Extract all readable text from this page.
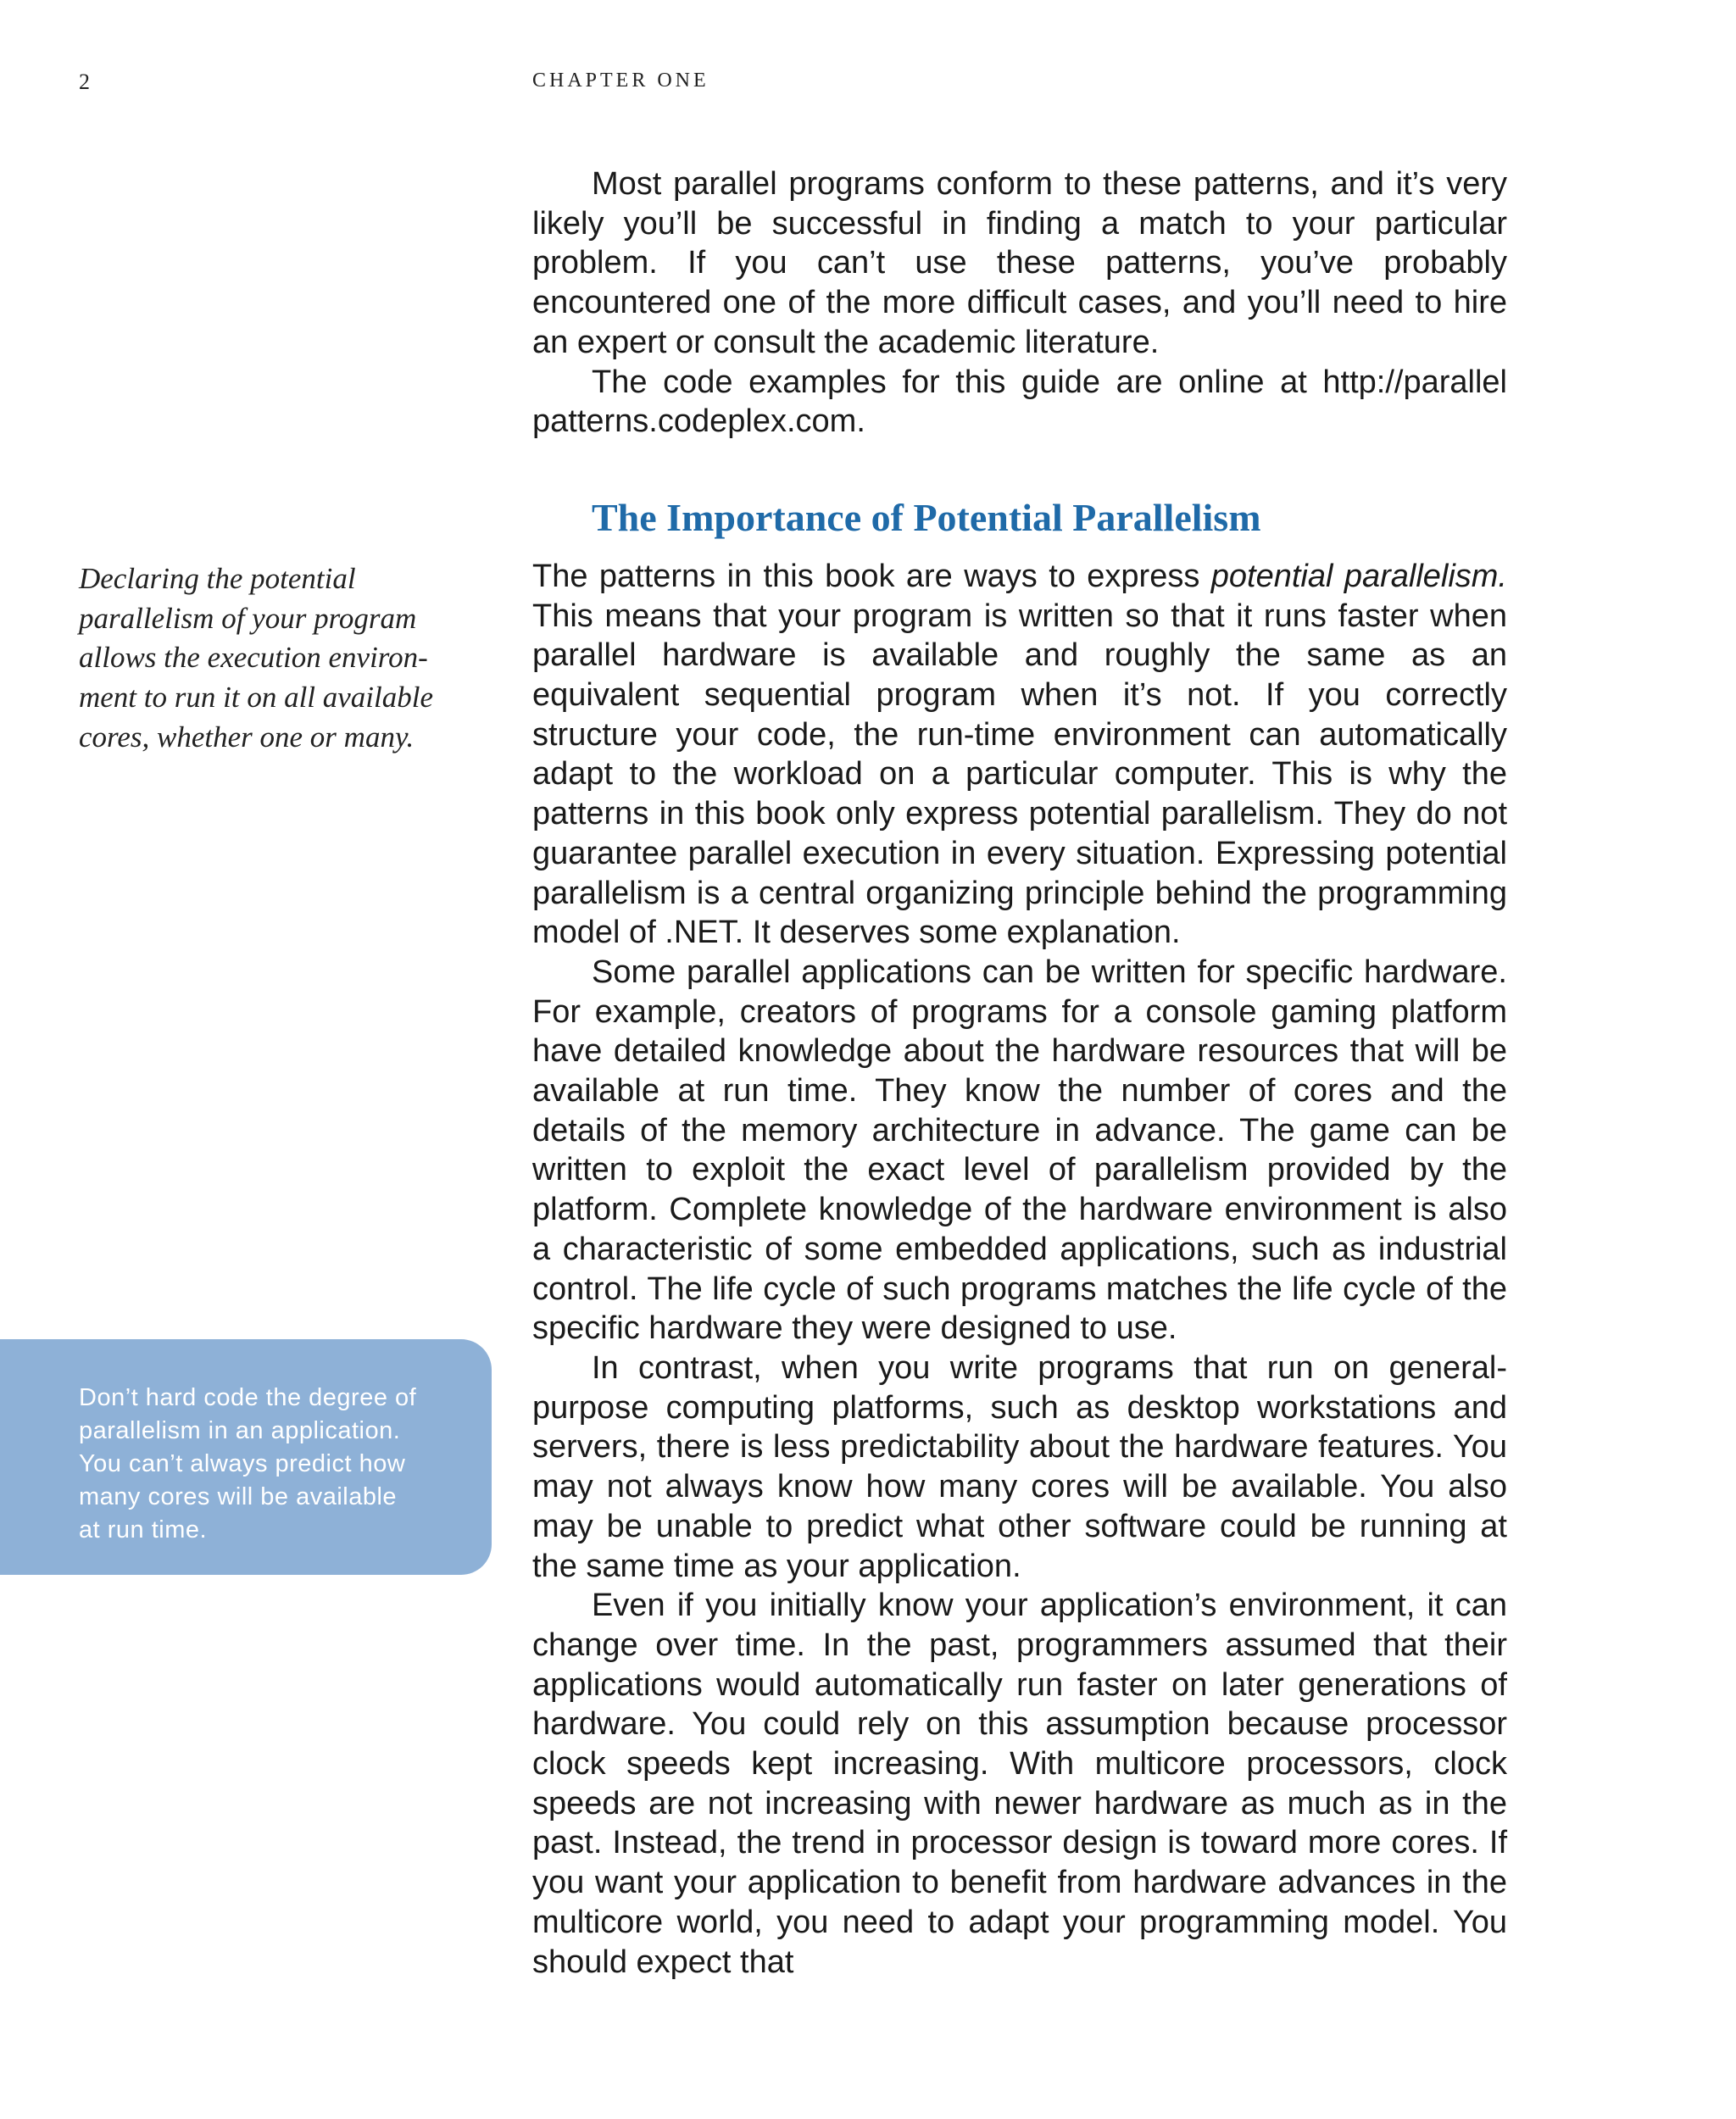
2	CHAPTER ONE
Declaring the potential
parallelism of your program
allows the execution environ-
ment to run it on all available
cores, whether one or many.
Don’t hard code the degree of
parallelism in an application.
You can’t always predict how
many cores will be available
at run time.

Most parallel programs conform to these patterns, and it’s very likely you’ll be successful in finding a match to your particular problem. If you can’t use these patterns, you’ve probably encountered one of the more difficult cases, and you’ll need to hire an expert or consult the academic literature.

The code examples for this guide are online at http://parallel patterns.codeplex.com.

The Importance of Potential Parallelism

The patterns in this book are ways to express potential parallelism. This means that your program is written so that it runs faster when parallel hardware is available and roughly the same as an equivalent sequential program when it’s not. If you correctly structure your code, the run-time environment can automatically adapt to the workload on a particular computer. This is why the patterns in this book only express potential parallelism. They do not guarantee parallel execution in every situation. Expressing potential parallelism is a central organizing principle behind the programming model of .NET. It deserves some explanation.

Some parallel applications can be written for specific hardware. For example, creators of programs for a console gaming platform have detailed knowledge about the hardware resources that will be available at run time. They know the number of cores and the details of the memory architecture in advance. The game can be written to exploit the exact level of parallelism provided by the platform. Complete knowledge of the hardware environment is also a characteristic of some embedded applications, such as industrial control. The life cycle of such programs matches the life cycle of the specific hardware they were designed to use.

In contrast, when you write programs that run on general-purpose computing platforms, such as desktop workstations and servers, there is less predictability about the hardware features. You may not always know how many cores will be available. You also may be unable to predict what other software could be running at the same time as your application.

Even if you initially know your application’s environment, it can change over time. In the past, programmers assumed that their applications would automatically run faster on later generations of hardware. You could rely on this assumption because processor clock speeds kept increasing. With multicore processors, clock speeds are not increasing with newer hardware as much as in the past. Instead, the trend in processor design is toward more cores. If you want your application to benefit from hardware advances in the multicore world, you need to adapt your programming model. You should expect that
